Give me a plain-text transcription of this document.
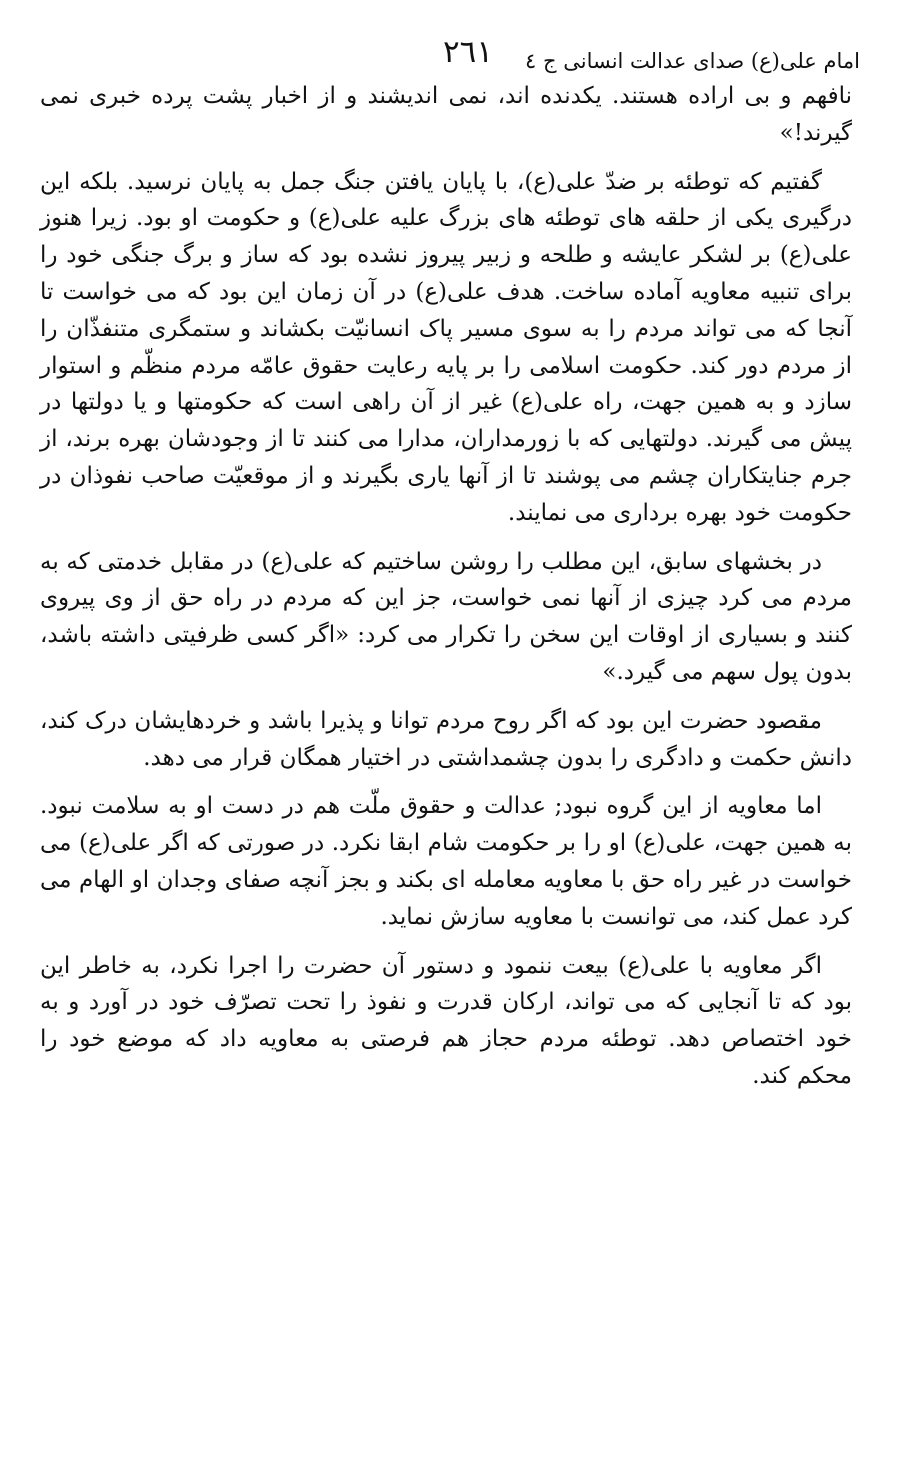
امام علی(ع) صدای عدالت انسانی ج ٤
٢٦١

نافهم و بی اراده هستند. یکدنده اند، نمی اندیشند و از اخبار پشت پرده خبری نمی گیرند!»

گفتیم که توطئه بر ضدّ علی(ع)، با پایان یافتن جنگ جمل به پایان نرسید. بلکه این درگیری یکی از حلقه های توطئه های بزرگ علیه علی(ع) و حکومت او بود. زیرا هنوز علی(ع) بر لشکر عایشه و طلحه و زبیر پیروز نشده بود که ساز و برگ جنگی خود را برای تنبیه معاویه آماده ساخت. هدف علی(ع) در آن زمان این بود که می خواست تا آنجا که می تواند مردم را به سوی مسیر پاک انسانیّت بکشاند و ستمگری متنفذّان را از مردم دور کند. حکومت اسلامی را بر پایه رعایت حقوق عامّه مردم منظّم و استوار سازد و به همین جهت، راه علی(ع) غیر از آن راهی است که حکومتها و یا دولتها در پیش می گیرند. دولتهایی که با زورمداران، مدارا می کنند تا از وجودشان بهره برند، از جرم جنایتکاران چشم می پوشند تا از آنها یاری بگیرند و از موقعیّت صاحب نفوذان در حکومت خود بهره برداری می نمایند.

در بخشهای سابق، این مطلب را روشن ساختیم که علی(ع) در مقابل خدمتی که به مردم می کرد چیزی از آنها نمی خواست، جز این که مردم در راه حق از وی پیروی کنند و بسیاری از اوقات این سخن را تکرار می کرد: «اگر کسی ظرفیتی داشته باشد، بدون پول سهم می گیرد.»

مقصود حضرت این بود که اگر روح مردم توانا و پذیرا باشد و خردهایشان درک کند، دانش حکمت و دادگری را بدون چشمداشتی در اختیار همگان قرار می دهد.

اما معاویه از این گروه نبود; عدالت و حقوق ملّت هم در دست او به سلامت نبود. به همین جهت، علی(ع) او را بر حکومت شام ابقا نکرد. در صورتی که اگر علی(ع) می خواست در غیر راه حق با معاویه معامله ای بکند و بجز آنچه صفای وجدان او الهام می کرد عمل کند، می توانست با معاویه سازش نماید.

اگر معاویه با علی(ع) بیعت ننمود و دستور آن حضرت را اجرا نکرد، به خاطر این بود که تا آنجایی که می تواند، ارکان قدرت و نفوذ را تحت تصرّف خود در آورد و به خود اختصاص دهد. توطئه مردم حجاز هم فرصتی به معاویه داد که موضع خود را محکم کند.
